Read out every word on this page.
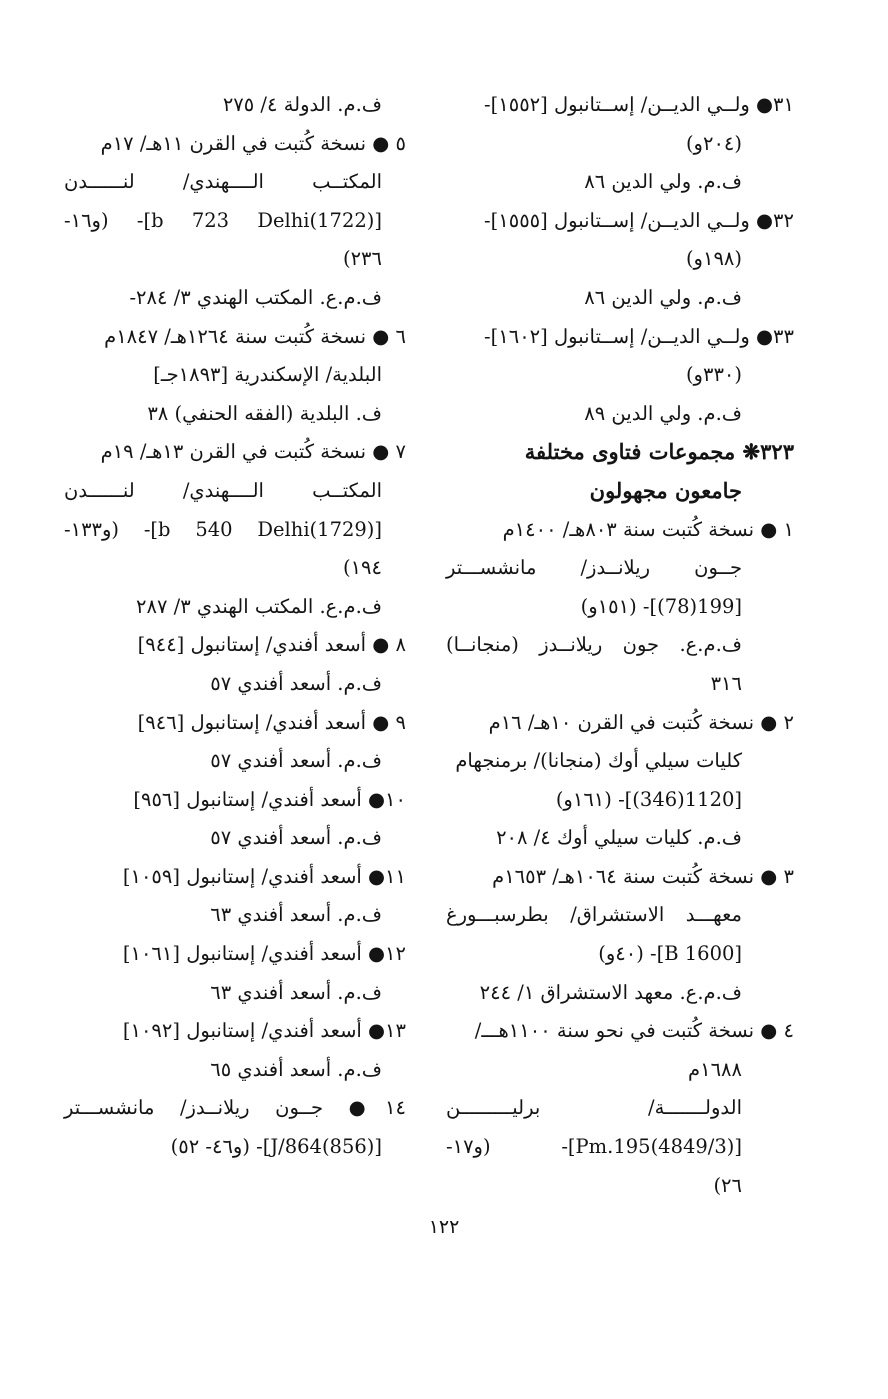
٣١● ولــي الديــن/ إســتانبول [١٥٥٢]-
(٢٠٤و)
ف.م. ولي الدين ٨٦
٣٢● ولــي الديــن/ إســتانبول [١٥٥٥]-
(١٩٨و)
ف.م. ولي الدين ٨٦
٣٣● ولــي الديــن/ إســتانبول [١٦٠٢]-
(٣٣٠و)
ف.م. ولي الدين ٨٩
٣٢٣❋ مجموعات فتاوى مختلفة
جامعون مجهولون
١ ● نسخة كُتبت سنة ٨٠٣هـ/ ١٤٠٠م
جــون ريلانــدز/ مانشســـتر
[199(78)]- (١٥١و)
ف.م.ع. جون ريلانــدز (منجانــا)
٣١٦
٢ ● نسخة كُتبت في القرن ١٠هـ/ ١٦م
كليات سيلي أوك (منجانا)/ برمنجهام
[1120(346)]- (١٦١و)
ف.م. كليات سيلي أوك ٤/ ٢٠٨
٣ ● نسخة كُتبت سنة ١٠٦٤هـ/ ١٦٥٣م
معهـــد الاستشراق/ بطرسبـــورغ
[B 1600]- (٤٠و)
ف.م.ع. معهد الاستشراق ١/ ٢٤٤
٤ ● نسخة كُتبت في نحو سنة ١١٠٠هـــ/
١٦٨٨م
الدولـــــــة/ برليـــــــــن
[(4849/3)Pm.195]- (و١٧-
٢٦)
ف.م. الدولة ٤/ ٢٧٥
٥ ● نسخة كُتبت في القرن ١١هـ/ ١٧م
المكتــب الــــهندي/ لنــــــدن
[b 723 Delhi(1722)]- (و١٦-
٢٣٦)
ف.م.ع. المكتب الهندي ٣/ ٢٨٤-
٦ ● نسخة كُتبت سنة ١٢٦٤هـ/ ١٨٤٧م
البلدية/ الإسكندرية [١٨٩٣جـ]
ف. البلدية (الفقه الحنفي) ٣٨
٧ ● نسخة كُتبت في القرن ١٣هـ/ ١٩م
المكتــب الــــهندي/ لنــــــدن
[b 540 Delhi(1729)]- (و١٣٣-
١٩٤)
ف.م.ع. المكتب الهندي ٣/ ٢٨٧
٨ ● أسعد أفندي/ إستانبول [٩٤٤]
ف.م. أسعد أفندي ٥٧
٩ ● أسعد أفندي/ إستانبول [٩٤٦]
ف.م. أسعد أفندي ٥٧
١٠● أسعد أفندي/ إستانبول [٩٥٦]
ف.م. أسعد أفندي ٥٧
١١● أسعد أفندي/ إستانبول [١٠٥٩]
ف.م. أسعد أفندي ٦٣
١٢● أسعد أفندي/ إستانبول [١٠٦١]
ف.م. أسعد أفندي ٦٣
١٣● أسعد أفندي/ إستانبول [١٠٩٢]
ف.م. أسعد أفندي ٦٥
١٤● جــون ريلانــدز/ مانشســـتر
[J/864(856)]- (و٤٦- ٥٢)
١٢٢
